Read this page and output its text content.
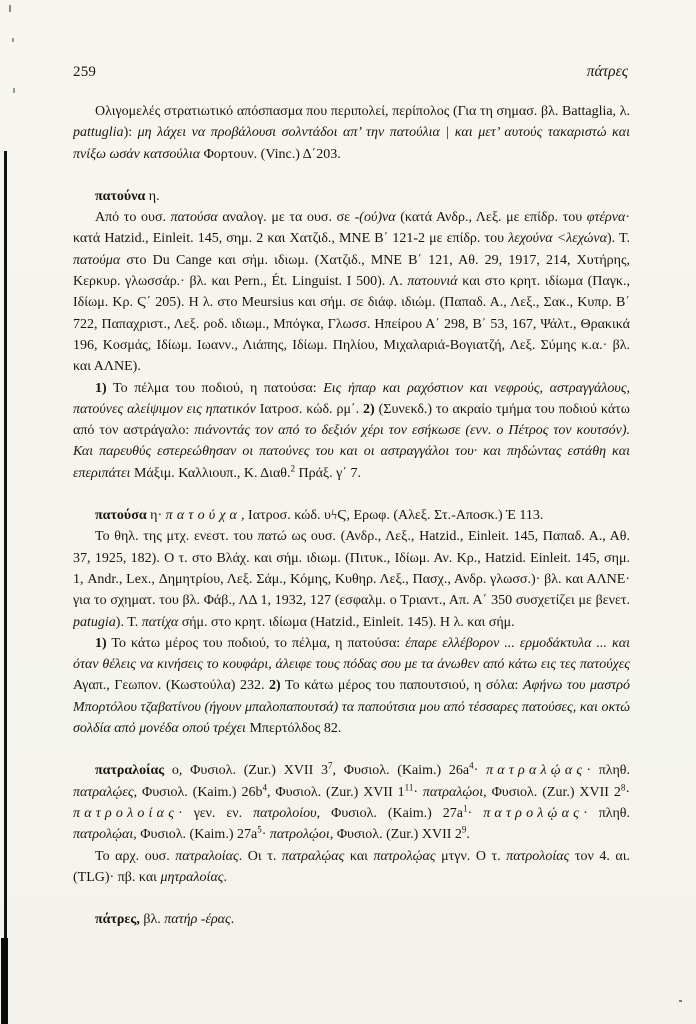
259	πάτρες

Ολιγομελές στρατιωτικό απόσπασμα που περιπολεί, περίπολος (Για τη σημασ. βλ. Battaglia, λ. pattuglia): μη λάχει να προβάλουσι σολντάδοι απ’ την πατούλια | και μετ’ αυτούς τακαριστώ και πνίξω ωσάν κατσούλια Φορτουν. (Vinc.) Δ΄203.

πατούνα η.

Από το ουσ. πατούσα αναλογ. με τα ουσ. σε -(ού)να (κατά Ανδρ., Λεξ. με επίδρ. του φτέρνα· κατά Hatzid., Einleit. 145, σημ. 2 και Χατζιδ., ΜΝΕ Β΄ 121-2 με επίδρ. του λεχούνα <λεχώνα). Τ. πατούμα στο Du Cange και σήμ. ιδιωμ. (Χατζιδ., ΜΝΕ Β΄ 121, Αθ. 29, 1917, 214, Χυτήρης, Κερκυρ. γλωσσάρ.· βλ. και Pern., Ét. Linguist. I 500). Λ. πατουνιά και στο κρητ. ιδίωμα (Παγκ., Ιδίωμ. Κρ. Ϛ΄ 205). Η λ. στο Meursius και σήμ. σε διάφ. ιδιώμ. (Παπαδ. Α., Λεξ., Σακ., Κυπρ. Β΄ 722, Παπαχριστ., Λεξ. ροδ. ιδιωμ., Μπόγκα, Γλωσσ. Ηπείρου Α΄ 298, Β΄ 53, 167, Ψάλτ., Θρακικά 196, Κοσμάς, Ιδίωμ. Ιωανν., Λιάπης, Ιδίωμ. Πηλίου, Μιχαλαριά-Βογιατζή, Λεξ. Σύμης κ.α.· βλ. και ΑΛΝΕ).

1) Το πέλμα του ποδιού, η πατούσα: Εις ήπαρ και ραχόστιον και νεφρούς, αστραγγάλους, πατούνες αλείψιμον εις ηπατικόν Ιατροσ. κώδ. ρμ΄. 2) (Συνεκδ.) το ακραίο τμήμα του ποδιού κάτω από τον αστράγαλο: πιάνοντάς τον από το δεξιόν χέρι τον εσήκωσε (ενν. ο Πέτρος τον κουτσόν). Και παρευθύς εστερεώθησαν οι πατούνες του και οι αστραγγάλοι του· και πηδώντας εστάθη και επεριπάτει Μάξιμ. Καλλιουπ., Κ. Διαθ.$^2$ Πράξ. γ΄ 7.

πατούσα η· πατούχα, Ιατροσ. κώδ. υϟϚ, Ερωφ. (Αλεξ. Στ.-Αποσκ.) Έ 113.

Το θηλ. της μτχ. ενεστ. του πατώ ως ουσ. (Ανδρ., Λεξ., Hatzid., Einleit. 145, Παπαδ. Α., Αθ. 37, 1925, 182). Ο τ. στο Βλάχ. και σήμ. ιδιωμ. (Πιτυκ., Ιδίωμ. Αν. Κρ., Hatzid. Einleit. 145, σημ. 1, Andr., Lex., Δημητρίου, Λεξ. Σάμ., Κόμης, Κυθηρ. Λεξ., Πασχ., Ανδρ. γλωσσ.)· βλ. και ΑΛΝΕ· για το σχηματ. του βλ. Φάβ., ΛΔ 1, 1932, 127 (εσφαλμ. ο Τριαντ., Απ. Α΄ 350 συσχετίζει με βενετ. patugia). Τ. πατίχα σήμ. στο κρητ. ιδίωμα (Hatzid., Einleit. 145). Η λ. και σήμ.

1) Το κάτω μέρος του ποδιού, το πέλμα, η πατούσα: έπαρε ελλέβορον ... ερμοδάκτυλα ... και όταν θέλεις να κινήσεις το κουφάρι, άλειφε τους πόδας σου με τα άνωθεν από κάτω εις τες πατούχες Αγαπ., Γεωπον. (Κωστούλα) 232. 2) Το κάτω μέρος του παπουτσιού, η σόλα: Αφήνω του μαστρό Μπορτόλου τζαβατίνου (ήγουν μπαλοπαπουτσά) τα παπούτσια μου από τέσσαρες πατούσες, και οκτώ σολδία από μονέδα οπού τρέχει Μπερτόλδος 82.

πατραλοίας ο, Φυσιολ. (Zur.) XVII $3^7$, Φυσιολ. (Kaim.) $26a^4\cdot$ πατραλῴας· πληθ. πατραλῴες, Φυσιολ. (Kaim.) $26b^4$, Φυσιολ. (Zur.) XVII $1^{11}\cdot$ πατραλῴοι, Φυσιολ. (Zur.) XVII $2^8\cdot \pi\alpha\tau\rho o\lambda oί\alpha\varsigma\cdot \gamma\varepsilon\nu$. εν. πατρολοίου, Φυσιολ. (Kaim.) $27a^1\cdot$ πατρολῴας· πληθ. πατρολῴαι, Φυσιολ. (Kaim.) $27a^5\cdot$ πατρολῴοι, Φυσιολ. (Zur.) XVII $2^9$.

Το αρχ. ουσ. πατραλοίας. Οι τ. πατραλῴας και πατρολῴας μτγν. Ο τ. πατρολοίας τον 4. αι. (TLG)· πβ. και μητραλοίας.

πάτρες, βλ. πατήρ -έρας.
